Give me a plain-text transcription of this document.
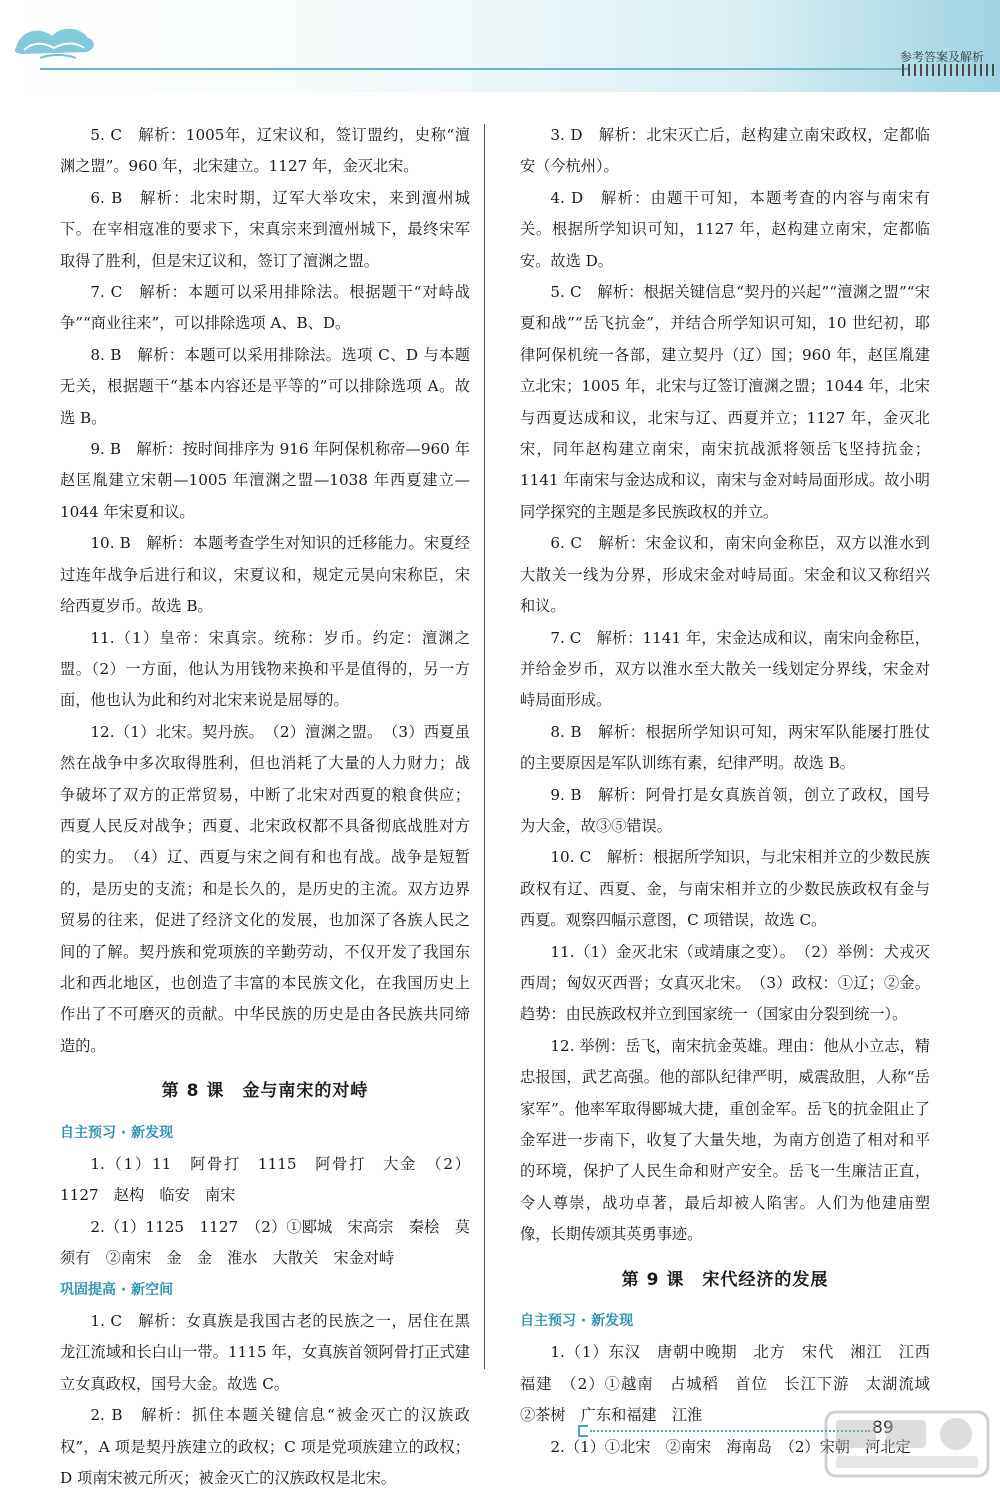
参考答案及解析

5. C　解析：1005年，辽宋议和，签订盟约，史称“澶渊之盟”。960 年，北宋建立。1127 年，金灭北宋。

6. B　解析：北宋时期，辽军大举攻宋，来到澶州城下。在宰相寇准的要求下，宋真宗来到澶州城下，最终宋军取得了胜利，但是宋辽议和，签订了澶渊之盟。

7. C　解析：本题可以采用排除法。根据题干“对峙战争”“商业往来”，可以排除选项 A、B、D。

8. B　解析：本题可以采用排除法。选项 C、D 与本题无关，根据题干“基本内容还是平等的”可以排除选项 A。故选 B。

9. B　解析：按时间排序为 916 年阿保机称帝—960 年赵匡胤建立宋朝—1005 年澶渊之盟—1038 年西夏建立—1044 年宋夏和议。

10. B　解析：本题考查学生对知识的迁移能力。宋夏经过连年战争后进行和议，宋夏议和，规定元昊向宋称臣，宋给西夏岁币。故选 B。

11.（1）皇帝：宋真宗。统称：岁币。约定：澶渊之盟。（2）一方面，他认为用钱物来换和平是值得的，另一方面，他也认为此和约对北宋来说是屈辱的。

12.（1）北宋。契丹族。　（2）澶渊之盟。　（3）西夏虽然在战争中多次取得胜利，但也消耗了大量的人力财力；战争破坏了双方的正常贸易，中断了北宋对西夏的粮食供应；西夏人民反对战争；西夏、北宋政权都不具备彻底战胜对方的实力。　（4）辽、西夏与宋之间有和也有战。战争是短暂的，是历史的支流；和是长久的，是历史的主流。双方边界贸易的往来，促进了经济文化的发展，也加深了各族人民之间的了解。契丹族和党项族的辛勤劳动，不仅开发了我国东北和西北地区，也创造了丰富的本民族文化，在我国历史上作出了不可磨灭的贡献。中华民族的历史是由各民族共同缔造的。

第 8 课　金与南宋的对峙
自主预习 · 新发现

1.（1）11　阿骨打　1115　阿骨打　大金　（2）1127　赵构　临安　南宋

2.（1）1125　1127　（2）①郾城　宋高宗　秦桧　莫须有　②南宋　金　金　淮水　大散关　宋金对峙

巩固提高 · 新空间

1. C　解析：女真族是我国古老的民族之一，居住在黑龙江流域和长白山一带。1115 年，女真族首领阿骨打正式建立女真政权，国号大金。故选 C。

2. B　解析：抓住本题关键信息“被金灭亡的汉族政权”，A 项是契丹族建立的政权；C 项是党项族建立的政权；D 项南宋被元所灭；被金灭亡的汉族政权是北宋。

3. D　解析：北宋灭亡后，赵构建立南宋政权，定都临安（今杭州）。

4. D　解析：由题干可知，本题考查的内容与南宋有关。根据所学知识可知，1127 年，赵构建立南宋，定都临安。故选 D。

5. C　解析：根据关键信息“契丹的兴起”“澶渊之盟”“宋夏和战”“岳飞抗金”，并结合所学知识可知，10 世纪初，耶律阿保机统一各部，建立契丹（辽）国；960 年，赵匡胤建立北宋；1005 年，北宋与辽签订澶渊之盟；1044 年，北宋与西夏达成和议，北宋与辽、西夏并立；1127 年，金灭北宋，同年赵构建立南宋，南宋抗战派将领岳飞坚持抗金；1141 年南宋与金达成和议，南宋与金对峙局面形成。故小明同学探究的主题是多民族政权的并立。

6. C　解析：宋金议和，南宋向金称臣，双方以淮水到大散关一线为分界，形成宋金对峙局面。宋金和议又称绍兴和议。

7. C　解析：1141 年，宋金达成和议，南宋向金称臣，并给金岁币，双方以淮水至大散关一线划定分界线，宋金对峙局面形成。

8. B　解析：根据所学知识可知，两宋军队能屡打胜仗的主要原因是军队训练有素，纪律严明。故选 B。

9. B　解析：阿骨打是女真族首领，创立了政权，国号为大金，故③⑤错误。

10. C　解析：根据所学知识，与北宋相并立的少数民族政权有辽、西夏、金，与南宋相并立的少数民族政权有金与西夏。观察四幅示意图，C 项错误，故选 C。

11.（1）金灭北宋（或靖康之变）。　（2）举例：犬戎灭西周；匈奴灭西晋；女真灭北宋。　（3）政权：①辽；②金。趋势：由民族政权并立到国家统一（国家由分裂到统一）。

12. 举例：岳飞，南宋抗金英雄。理由：他从小立志，精忠报国，武艺高强。他的部队纪律严明，威震敌胆，人称“岳家军”。他率军取得郾城大捷，重创金军。岳飞的抗金阻止了金军进一步南下，收复了大量失地，为南方创造了相对和平的环境，保护了人民生命和财产安全。岳飞一生廉洁正直，令人尊崇，战功卓著，最后却被人陷害。人们为他建庙塑像，长期传颂其英勇事迹。

第 9 课　宋代经济的发展
自主预习 · 新发现

1.（1）东汉　唐朝中晚期　北方　宋代　湘江　江西　福建　（2）①越南　占城稻　首位　长江下游　太湖流域　②茶树　广东和福建　江淮

2.（1）①北宋　②南宋　海南岛　（2）宋朝　河北定

89
